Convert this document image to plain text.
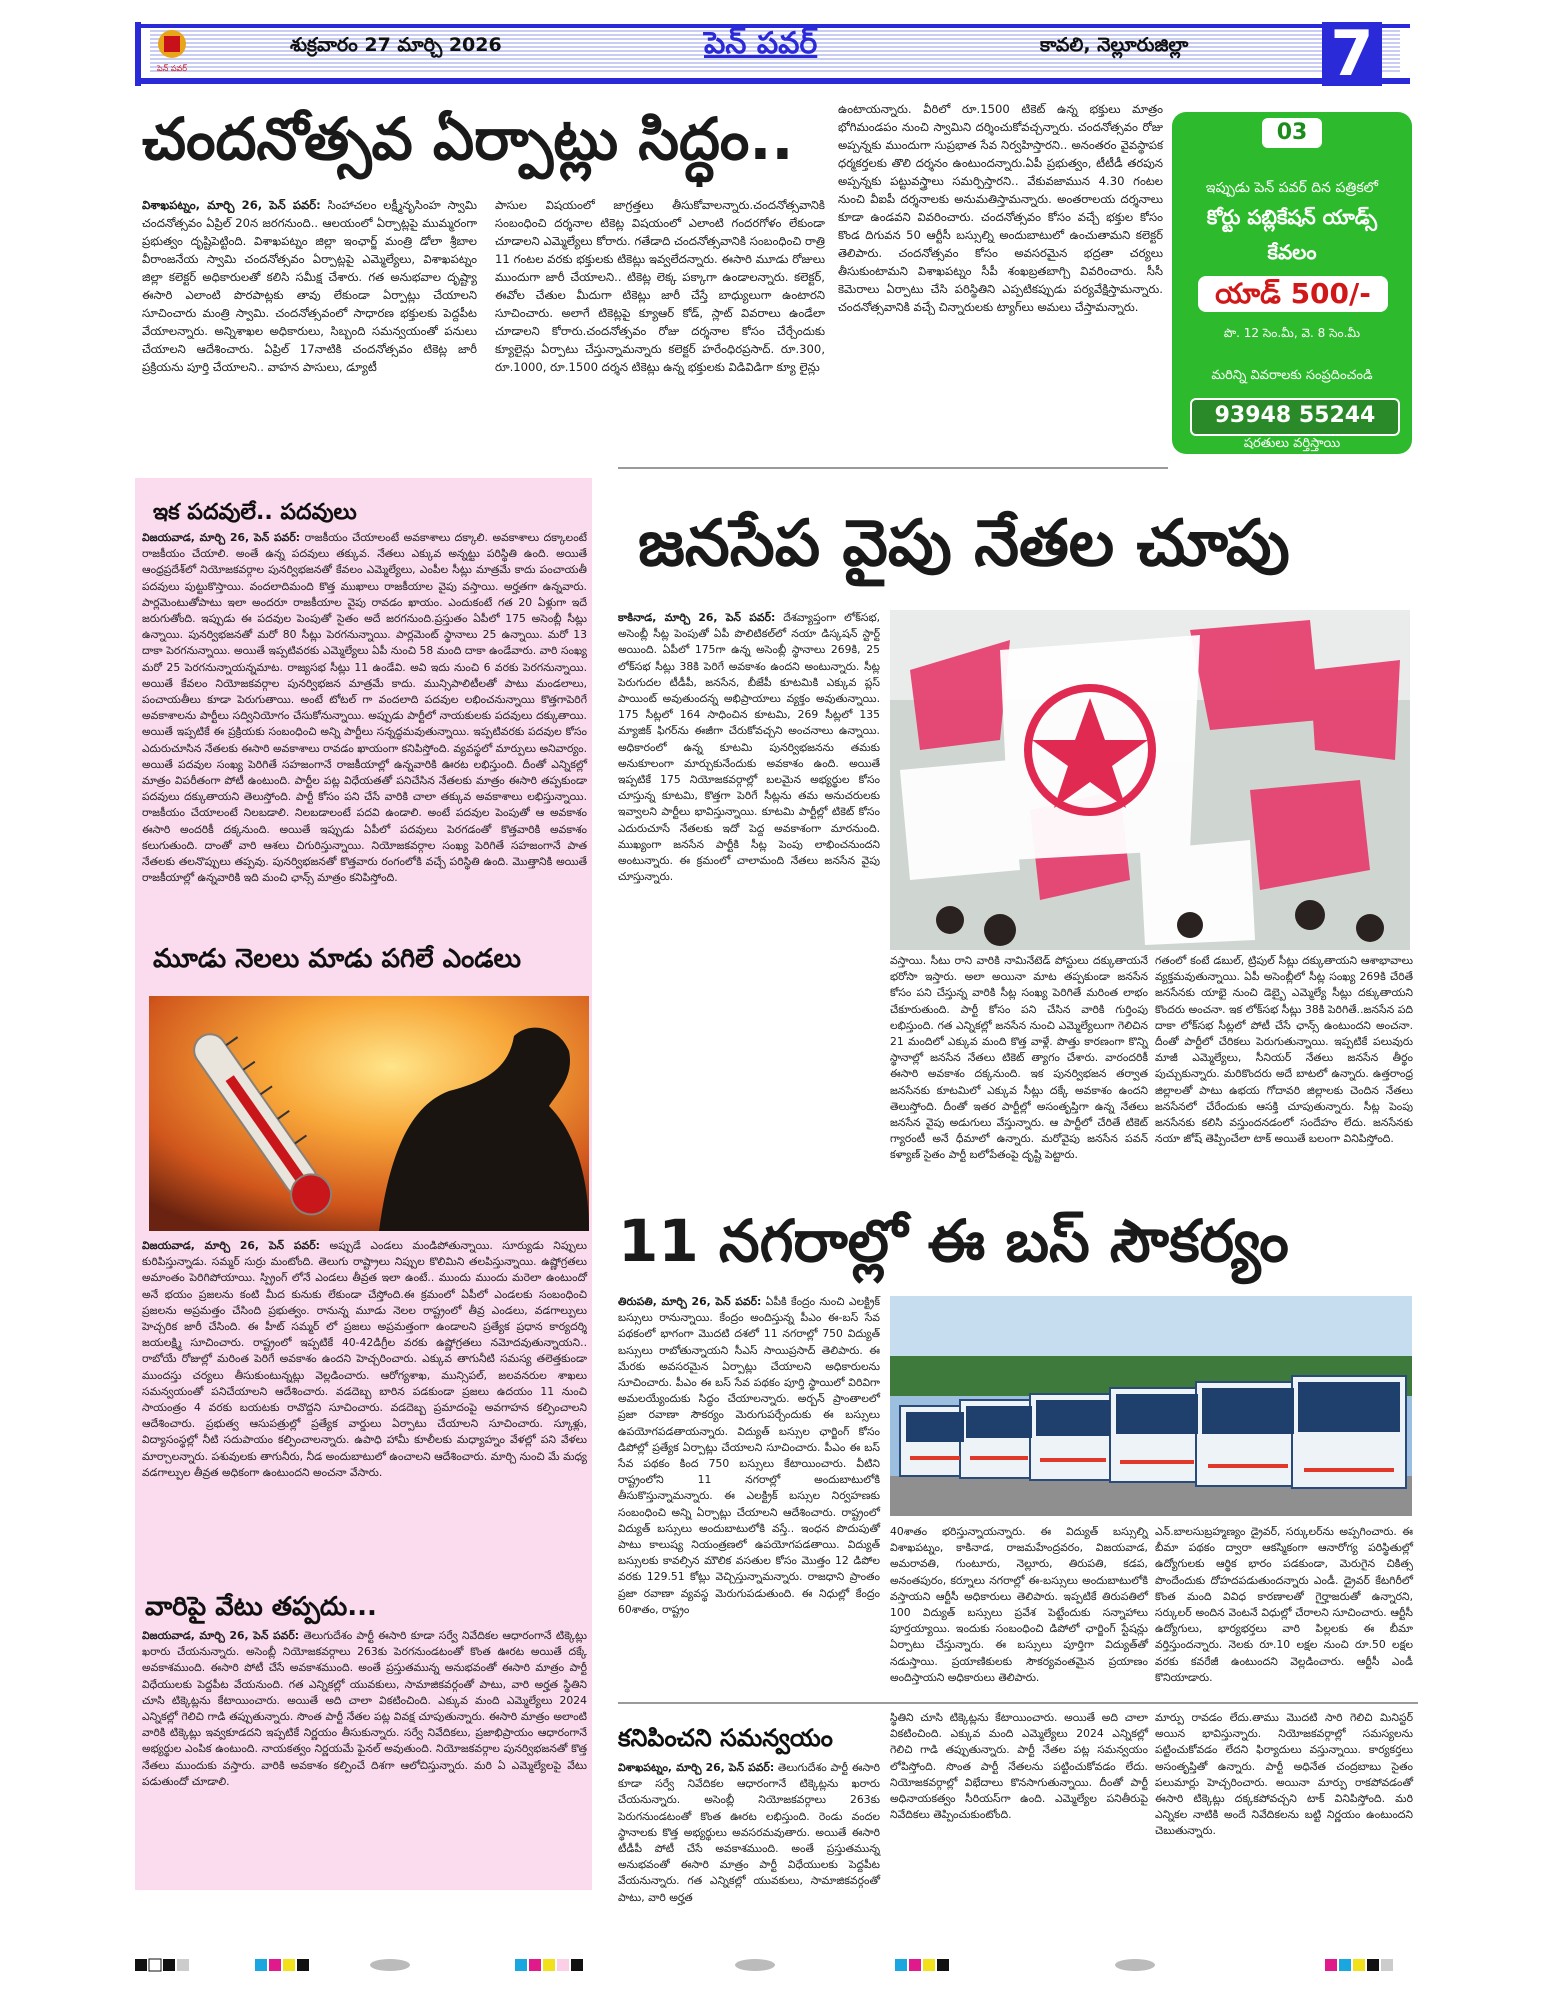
పెన్ పవర్
శుక్రవారం 27 మార్చి 2026	పెన్ పవర్	కావలి, నెల్లూరుజిల్లా 7
చందనోత్సవ ఏర్పాట్లు సిద్ధం..
విశాఖపట్నం, మార్చి 26, పెన్ పవర్: సింహాచలం లక్ష్మీనృసింహ స్వామి చందనోత్సవం ఏప్రిల్ 20న జరగనుంది.. ఆలయంలో ఏర్పాట్లపై ముమ్మరంగా ప్రభుత్వం దృష్టిపెట్టింది. విశాఖపట్నం జిల్లా ఇంఛార్జ్ మంత్రి డోలా శ్రీబాల వీరాంజనేయ స్వామి చందనోత్సవం ఏర్పాట్లపై ఎమ్మెల్యేలు, విశాఖపట్నం జిల్లా కలెక్టర్ అధికారులతో కలిసి సమీక్ష చేశారు. గత అనుభవాల దృష్ట్యా ఈసారి ఎలాంటి పొరపాట్లకు తావు లేకుండా ఏర్పాట్లు చేయాలని సూచించారు మంత్రి స్వామి. చందనోత్సవంలో సాధారణ భక్తులకు పెద్దపీట వేయాలన్నారు. అన్నిశాఖల అధికారులు, సిబ్బంది సమన్వయంతో పనులు చేయాలని ఆదేశించారు. ఏప్రిల్ 17నాటికి చందనోత్సవం టికెట్ల జారీ ప్రక్రియను పూర్తి చేయాలని.. వాహన పాసులు, డ్యూటీ
పాసుల విషయంలో జాగ్రత్తలు తీసుకోవాలన్నారు.చందనోత్సవానికి సంబంధించి దర్శనాల టికెట్ల విషయంలో ఎలాంటి గందరగోళం లేకుండా చూడాలని ఎమ్మెల్యేలు కోరారు. గతేడాది చందనోత్సవానికి సంబంధించి రాత్రి 11 గంటల వరకు భక్తులకు టికెట్లు ఇవ్వలేదన్నారు. ఈసారి మూడు రోజులు ముందుగా జారీ చేయాలని.. టికెట్ల లెక్క పక్కాగా ఉండాలన్నారు. కలెక్టర్, ఈవోల చేతుల మీదుగా టికెట్లు జారీ చేస్తే బాధ్యులుగా ఉంటారని సూచించారు. అలాగే టికెట్లపై క్యూఆర్ కోడ్, స్లాట్ వివరాలు ఉండేలా చూడాలని కోరారు.చందనోత్సవం రోజు దర్శనాల కోసం చేర్చేందుకు క్యూలైన్లు ఏర్పాటు చేస్తున్నామన్నారు కలెక్టర్ హరేంధిరప్రసాద్. రూ.300, రూ.1000, రూ.1500 దర్శన టికెట్లు ఉన్న భక్తులకు విడివిడిగా క్యూ లైన్లు
ఉంటాయన్నారు. వీరిలో రూ.1500 టికెట్ ఉన్న భక్తులు మాత్రం భోగిమండపం నుంచి స్వామిని దర్శించుకోవచ్చన్నారు. చందనోత్సవం రోజు అప్పన్నకు ముందుగా సుప్రభాత సేవ నిర్వహిస్తారని.. అనంతరం వైవస్థాపక ధర్మకర్తలకు తొలి దర్శనం ఉంటుందన్నారు.ఏపీ ప్రభుత్వం, టీటీడీ తరపున అప్పన్నకు పట్టువస్త్రాలు సమర్పిస్తారని.. వేకువజామున 4.30 గంటల నుంచి వీఐపీ దర్శనాలకు అనుమతిస్తామన్నారు. అంతరాలయ దర్శనాలు కూడా ఉండవని వివరించారు. చందనోత్సవం కోసం వచ్చే భక్తుల కోసం కొండ దిగువన 50 ఆర్టీసీ బస్సుల్ని అందుబాటులో ఉంచుతామని కలెక్టర్ తెలిపారు. చందనోత్సవం కోసం అవసరమైన భద్రతా చర్యలు తీసుకుంటామని విశాఖపట్నం సీపీ శంఖబ్రతబాగ్చి వివరించారు. సీసీ కెమెరాలు ఏర్పాటు చేసి పరిస్థితిని ఎప్పటికప్పుడు పర్యవేక్షిస్తామన్నారు. చందనోత్సవానికి వచ్చే చిన్నారులకు ట్యాగ్‌లు అమలు చేస్తామన్నారు.
03
ఇప్పుడు పెన్ పవర్ దిన పత్రికలో
కోర్టు పబ్లికేషన్ యాడ్స్
కేవలం
యాడ్ 500/-
పొ. 12 సెం.మీ, వె. 8 సెం.మీ
మరిన్ని వివరాలకు సంప్రదించండి
93948 55244
షరతులు వర్తిస్తాయి
ఇక పదవులే.. పదవులు
విజయవాడ, మార్చి 26, పెన్ పవర్: రాజకీయం చేయాలంటే అవకాశాలు దక్కాలి. అవకాశాలు దక్కాలంటే రాజకీయం చేయాలి. అంతే ఉన్న పదవులు తక్కువ. నేతలు ఎక్కువ అన్నట్టు పరిస్థితి ఉంది. అయితే ఆంధ్రప్రదేశ్‌లో నియోజకవర్గాల పునర్విభజనతో కేవలం ఎమ్మెల్యేలు, ఎంపీల సీట్లు మాత్రమే కాదు పంచాయతీ పదవులు పుట్టుకొస్తాయి. వందలాదిమంది కొత్త ముఖాలు రాజకీయాల వైపు వస్తాయి. అర్హతగా ఉన్నవారు. పార్లమెంటుతోపాటు ఇలా అందరూ రాజకీయాల వైపు రావడం ఖాయం. ఎందుకంటే గత 20 ఏళ్లుగా ఇదే జరుగుతోంది. ఇప్పుడు ఈ పదవుల పెంపుతో సైతం అదే జరగనుంది.ప్రస్తుతం ఏపీలో 175 అసెంబ్లీ సీట్లు ఉన్నాయి. పునర్విభజనతో మరో 80 సీట్లు పెరగనున్నాయి. పార్లమెంట్ స్థానాలు 25 ఉన్నాయి. మరో 13 దాకా పెరగనున్నాయి. అయితే ఇప్పటివరకు ఎమ్మెల్యేలు ఏపీ నుంచి 58 మంది దాకా ఉండేవారు. వారి సంఖ్య మరో 25 పెరగనున్నాయన్నమాట. రాజ్యసభ సీట్లు 11 ఉండేవి. అవి ఇదు నుంచి 6 వరకు పెరగనున్నాయి. అయితే కేవలం నియోజకవర్గాల పునర్విభజన మాత్రమే కాదు. మున్సిపాలిటీలతో పాటు మండలాలు, పంచాయతీలు కూడా పెరుగుతాయి. అంటే టోటల్ గా వందలాది పదవుల లభించనున్నాయి కొత్తగాపెరిగే అవకాశాలను పార్టీలు సద్వినియోగం చేసుకోనున్నాయి. అప్పుడు పార్టీలో నాయకులకు పదవులు దక్కుతాయి. అయితే ఇప్పటికే ఈ ప్రక్రియకు సంబంధించి అన్ని పార్టీలు సన్నద్ధమవుతున్నాయి. ఇప్పటివరకు పదవుల కోసం ఎదురుచూసిన నేతలకు ఈసారి అవకాశాలు రావడం ఖాయంగా కనిపిస్తోంది. వ్యవస్థలో మార్పులు అనివార్యం. అయితే పదవుల సంఖ్య పెరిగితే సహజంగానే రాజకీయాల్లో ఉన్నవారికి ఊరట లభిస్తుంది. దీంతో ఎన్నికల్లో మాత్రం విపరీతంగా పోటీ ఉంటుంది. పార్టీల పట్ల విధేయతతో పనిచేసిన నేతలకు మాత్రం ఈసారి తప్పకుండా పదవులు దక్కుతాయని తెలుస్తోంది. పార్టీ కోసం పని చేసే వారికి చాలా తక్కువ అవకాశాలు లభిస్తున్నాయి. రాజకీయం చేయాలంటే నిలబడాలి. నిలబడాలంటే పదవి ఉండాలి. అంటే పదవుల పెంపుతో ఆ అవకాశం ఈసారి అందరికీ దక్కనుంది. అయితే ఇప్పుడు ఏపీలో పదవులు పెరగడంతో కొత్తవారికి అవకాశం కలుగుతుంది. దాంతో వారి ఆశలు చిగురిస్తున్నాయి. నియోజకవర్గాల సంఖ్య పెరిగితే సహజంగానే పాత నేతలకు తలనొప్పులు తప్పవు. పునర్విభజనతో కొత్తవారు రంగంలోకి వచ్చే పరిస్థితి ఉంది. మొత్తానికి అయితే రాజకీయాల్లో ఉన్నవారికి ఇది మంచి ఛాన్స్ మాత్రం కనిపిస్తోంది.
మూడు నెలలు మాడు పగిలే ఎండలు
విజయవాడ, మార్చి 26, పెన్ పవర్: అప్పుడే ఎండలు మండిపోతున్నాయి. సూర్యుడు నిప్పులు కురిపిస్తున్నాడు. సమ్మర్ సుర్రు మంటోంది. తెలుగు రాష్ట్రాలు నిప్పుల కొలిమిని తలపిస్తున్నాయి. ఉష్ణోగ్రతలు అమాంతం పెరిగిపోయాయి. స్ప్రింగ్ లోనే ఎండలు తీవ్రత ఇలా ఉంటే.. ముందు ముందు మరెలా ఉంటుందో అనే భయం ప్రజలను కంటి మీద కునుకు లేకుండా చేస్తోంది.ఈ క్రమంలో ఏపీలో ఎండలకు సంబంధించి ప్రజలను అప్రమత్తం చేసింది ప్రభుత్వం. రానున్న మూడు నెలల రాష్ట్రంలో తీవ్ర ఎండలు, వడగాల్పులు హెచ్చరిక జారీ చేసింది. ఈ హీట్ సమ్మర్ లో ప్రజలు అప్రమత్తంగా ఉండాలని ప్రత్యేక ప్రధాన కార్యదర్శి జయలక్ష్మి సూచించారు. రాష్ట్రంలో ఇప్పటికే 40-42డిగ్రీల వరకు ఉష్ణోగ్రతలు నమోదవుతున్నాయని.. రాబోయే రోజుల్లో మరింత పెరిగే అవకాశం ఉందని హెచ్చరించారు. ఎక్కువ తాగునీటి సమస్య తలెత్తకుండా ముందస్తు చర్యలు తీసుకుంటున్నట్లు వెల్లడించారు. ఆరోగ్యశాఖ, మున్సిపల్, జలవనరుల శాఖలు సమన్వయంతో పనిచేయాలని ఆదేశించారు. వడదెబ్బ బారిన పడకుండా ప్రజలు ఉదయం 11 నుంచి సాయంత్రం 4 వరకు బయటకు రావొద్దని సూచించారు. వడదెబ్బ ప్రమాదంపై అవగాహన కల్పించాలని ఆదేశించారు. ప్రభుత్వ ఆసుపత్రుల్లో ప్రత్యేక వార్డులు ఏర్పాటు చేయాలని సూచించారు. స్కూళ్లు, విద్యాసంస్థల్లో నీటి సదుపాయం కల్పించాలన్నారు. ఉపాధి హామీ కూలీలకు మధ్యాహ్నం వేళల్లో పని వేళలు మార్చాలన్నారు. పశువులకు తాగునీరు, నీడ అందుబాటులో ఉంచాలని ఆదేశించారు. మార్చి నుంచి మే మధ్య వడగాల్పుల తీవ్రత అధికంగా ఉంటుందని అంచనా వేసారు.
వారిపై వేటు తప్పదు...
విజయవాడ, మార్చి 26, పెన్ పవర్: తెలుగుదేశం పార్టీ ఈసారి కూడా సర్వే నివేదికల ఆధారంగానే టిక్కెట్లు ఖరారు చేయనున్నారు. అసెంబ్లీ నియోజకవర్గాలు 263కు పెరగనుండటంతో కొంత ఊరట అయితే దక్కే అవకాశముంది. ఈసారి పోటీ చేసే అవకాశముంది. అంతే ప్రస్తుతమున్న అనుభవంతో ఈసారి మాత్రం పార్టీ విధేయులకు పెద్దపీట వేయనుంది. గత ఎన్నికల్లో యువకులు, సామాజికవర్గంతో పాటు, వారి అర్హత స్థితిని చూసి టిక్కెట్లను కేటాయించారు. అయితే అది చాలా వికటించింది. ఎక్కువ మంది ఎమ్మెల్యేలు 2024 ఎన్నికల్లో గెలిచి గాడి తప్పుతున్నారు. సొంత పార్టీ నేతల పట్ల వివక్ష చూపుతున్నారు. ఈసారి మాత్రం అలాంటి వారికి టిక్కెట్లు ఇవ్వకూడదని ఇప్పటికే నిర్ణయం తీసుకున్నారు. సర్వే నివేదికలు, ప్రజాభిప్రాయం ఆధారంగానే అభ్యర్థుల ఎంపిక ఉంటుంది. నాయకత్వం నిర్ణయమే ఫైనల్ అవుతుంది. నియోజకవర్గాల పునర్విభజనతో కొత్త నేతలు ముందుకు వస్తారు. వారికి అవకాశం కల్పించే దిశగా ఆలోచిస్తున్నారు. మరి ఏ ఎమ్మెల్యేలపై వేటు పడుతుందో చూడాలి.
జనసేప వైపు నేతల చూపు
కాకినాడ, మార్చి 26, పెన్ పవర్: దేశవ్యాప్తంగా లోక్‌సభ, అసెంబ్లీ సీట్ల పెంపుతో ఏపీ పొలిటికల్‌లో నయా డిస్కషన్ స్టార్ట్ అయింది. ఏపీలో 175గా ఉన్న అసెంబ్లీ స్థానాలు 269కి, 25 లోక్‌సభ సీట్లు 38కి పెరిగే అవకాశం ఉందని అంటున్నారు. సీట్ల పెరుగుదల టీడీపీ, జనసేన, బీజేపీ కూటమికి ఎక్కువ ప్లస్ పాయింట్ అవుతుందన్న అభిప్రాయాలు వ్యక్తం అవుతున్నాయి. 175 సీట్లలో 164 సాధించిన కూటమి, 269 సీట్లలో 135 మ్యాజిక్ ఫిగర్‌ను ఈజీగా చేరుకోవచ్చని అంచనాలు ఉన్నాయి. అధికారంలో ఉన్న కూటమి పునర్విభజనను తమకు అనుకూలంగా మార్చుకునేందుకు అవకాశం ఉంది. అయితే ఇప్పటికే 175 నియోజకవర్గాల్లో బలమైన అభ్యర్థుల కోసం చూస్తున్న కూటమి, కొత్తగా పెరిగే సీట్లను తమ అనుచరులకు ఇవ్వాలని పార్టీలు భావిస్తున్నాయి. కూటమి పార్టీల్లో టికెట్ కోసం ఎదురుచూసే నేతలకు ఇదో పెద్ద అవకాశంగా మారనుంది. ముఖ్యంగా జనసేన పార్టీకి సీట్ల పెంపు లాభించనుందని అంటున్నారు. ఈ క్రమంలో చాలామంది నేతలు జనసేన వైపు చూస్తున్నారు.
వస్తాయి. సీటు రాని వారికి నామినేటెడ్ పోస్టులు దక్కుతాయనే భరోసా ఇస్తారు. అలా అయినా మాట తప్పకుండా జనసేన కోసం పని చేస్తున్న వారికి సీట్ల సంఖ్య పెరిగితే మరింత లాభం చేకూరుతుంది. పార్టీ కోసం పని చేసిన వారికి గుర్తింపు లభిస్తుంది. గత ఎన్నికల్లో జనసేన నుంచి ఎమ్మెల్యేలుగా గెలిచిన 21 మందిలో ఎక్కువ మంది కొత్త వాళ్లే. పొత్తు కారణంగా కొన్ని స్థానాల్లో జనసేన నేతలు టికెట్ త్యాగం చేశారు. వారందరికీ ఈసారి అవకాశం దక్కనుంది. ఇక పునర్విభజన తర్వాత జనసేనకు కూటమిలో ఎక్కువ సీట్లు దక్కే అవకాశం ఉందని తెలుస్తోంది. దీంతో ఇతర పార్టీల్లో అసంతృప్తిగా ఉన్న నేతలు జనసేన వైపు అడుగులు వేస్తున్నారు. ఆ పార్టీలో చేరితే టికెట్ గ్యారంటీ అనే ధీమాలో ఉన్నారు. మరోవైపు జనసేన పవన్ కళ్యాణ్ సైతం పార్టీ బలోపేతంపై దృష్టి పెట్టారు.
గతంలో కంటే డబుల్, ట్రిపుల్ సీట్లు దక్కుతాయని ఆశాభావాలు వ్యక్తమవుతున్నాయి. ఏపీ అసెంబ్లీలో సీట్ల సంఖ్య 269కి చేరితే జనసేనకు యాభై నుంచి డెబ్బై ఎమ్మెల్యే సీట్లు దక్కుతాయని కొందరు అంచనా. ఇక లోక్‌సభ సీట్లు 38కి పెరిగితే..జనసేన పది దాకా లోక్‌సభ సీట్లలో పోటీ చేసే ఛాన్స్ ఉంటుందని అంచనా. దీంతో పార్టీలో చేరికలు పెరుగుతున్నాయి. ఇప్పటికే పలువురు మాజీ ఎమ్మెల్యేలు, సీనియర్ నేతలు జనసేన తీర్థం పుచ్చుకున్నారు. మరికొందరు అదే బాటలో ఉన్నారు. ఉత్తరాంధ్ర జిల్లాలతో పాటు ఉభయ గోదావరి జిల్లాలకు చెందిన నేతలు జనసేనలో చేరేందుకు ఆసక్తి చూపుతున్నారు. సీట్ల పెంపు జనసేనకు కలిసి వస్తుందనడంలో సందేహం లేదు. జనసేనకు నయా జోష్ తెప్పించేలా టాక్ అయితే బలంగా వినిపిస్తోంది.
11 నగరాల్లో ఈ బస్ సౌకర్యం
తిరుపతి, మార్చి 26, పెన్ పవర్: ఏపీకి కేంద్రం నుంచి ఎలక్ట్రిక్ బస్సులు రానున్నాయి. కేంద్రం అందిస్తున్న పీఎం ఈ-బస్ సేవ పథకంలో భాగంగా మొదటి దశలో 11 నగరాల్లో 750 విద్యుత్ బస్సులు రాబోతున్నాయని సీఎస్ సాయిప్రసాద్ తెలిపారు. ఈ మేరకు అవసరమైన ఏర్పాట్లు చేయాలని అధికారులను సూచించారు. పీఎం ఈ బస్ సేవ పథకం పూర్తి స్థాయిలో విరివిగా అమలయ్యేందుకు సిద్ధం చేయాలన్నారు. అర్బన్ ప్రాంతాలలో ప్రజా రవాణా సౌకర్యం మెరుగుపర్చేందుకు ఈ బస్సులు ఉపయోగపడతాయన్నారు. విద్యుత్ బస్సుల ఛార్జింగ్ కోసం డిపోల్లో ప్రత్యేక ఏర్పాట్లు చేయాలని సూచించారు. పీఎం ఈ బస్ సేవ పథకం కింద 750 బస్సులు కేటాయించారు. వీటిని రాష్ట్రంలోని 11 నగరాల్లో అందుబాటులోకి తీసుకొస్తున్నామన్నారు. ఈ ఎలక్ట్రిక్ బస్సుల నిర్వహణకు సంబంధించి అన్ని ఏర్పాట్లు చేయాలని ఆదేశించారు. రాష్ట్రంలో విద్యుత్ బస్సులు అందుబాటులోకి వస్తే.. ఇంధన పొదుపుతో పాటు కాలుష్య నియంత్రణలో ఉపయోగపడతాయి. విద్యుత్ బస్సులకు కావల్సిన మౌలిక వసతుల కోసం మొత్తం 12 డిపోల వరకు 129.51 కోట్లు వెచ్చిస్తున్నామన్నారు. రాజధాని ప్రాంతం ప్రజా రవాణా వ్యవస్థ మెరుగుపడుతుంది. ఈ నిధుల్లో కేంద్రం 60శాతం, రాష్ట్రం
40శాతం భరిస్తున్నాయన్నారు. ఈ విద్యుత్ బస్సుల్ని విశాఖపట్నం, కాకినాడ, రాజమహేంద్రవరం, విజయవాడ, అమరావతి, గుంటూరు, నెల్లూరు, తిరుపతి, కడప, అనంతపురం, కర్నూలు నగరాల్లో ఈ-బస్సులు అందుబాటులోకి వస్తాయని ఆర్టీసీ అధికారులు తెలిపారు. ఇప్పటికే తిరుపతిలో 100 విద్యుత్ బస్సులు ప్రవేశ పెట్టేందుకు సన్నాహాలు పూర్తయ్యాయి. ఇందుకు సంబంధించి డిపోలో ఛార్జింగ్ స్టేషన్లు ఏర్పాటు చేస్తున్నారు. ఈ బస్సులు పూర్తిగా విద్యుత్‌తో నడుస్తాయి. ప్రయాణికులకు సౌకర్యవంతమైన ప్రయాణం అందిస్తాయని అధికారులు తెలిపారు.
ఎన్.బాలసుబ్రహ్మణ్యం డ్రైవర్, సర్కులర్‌ను అప్పగించారు. ఈ బీమా పథకం ద్వారా ఆకస్మికంగా ఆనారోగ్య పరిస్థితుల్లో ఉద్యోగులకు ఆర్థిక భారం పడకుండా, మెరుగైన చికిత్స పొందేందుకు దోహదపడుతుందన్నారు ఎండీ. డ్రైవర్ కేటగిరీలో కొంత మంది వివిధ కారణాలతో గైర్హాజరుతో ఉన్నారని, సర్కులర్ అందిన వెంటనే విధుల్లో చేరాలని సూచించారు. ఆర్టీసీ ఉద్యోగులు, భార్యభర్తలు వారి పిల్లలకు ఈ బీమా వర్తిస్తుందన్నారు. నెలకు రూ.10 లక్షల నుంచి రూ.50 లక్షల వరకు కవరేజీ ఉంటుందని వెల్లడించారు. ఆర్టీసీ ఎండీ కొనియాడారు.
కనిపించని సమన్వయం
విశాఖపట్నం, మార్చి 26, పెన్ పవర్: తెలుగుదేశం పార్టీ ఈసారి కూడా సర్వే నివేదికల ఆధారంగానే టిక్కెట్లను ఖరారు చేయనున్నారు. అసెంబ్లీ నియోజకవర్గాలు 263కు పెరుగనుండటంతో కొంత ఊరట లభిస్తుంది. రెండు వందల స్థానాలకు కొత్త అభ్యర్థులు అవసరమవుతారు. అయితే ఈసారి టీడీపీ పోటీ చేసే అవకాశముంది. అంతే ప్రస్తుతమున్న అనుభవంతో ఈసారి మాత్రం పార్టీ విధేయులకు పెద్దపీట వేయనున్నారు. గత ఎన్నికల్లో యువకులు, సామాజికవర్గంతో పాటు, వారి అర్హత
స్థితిని చూసి టిక్కెట్లను కేటాయించారు. అయితే అది చాలా వికటించింది. ఎక్కువ మంది ఎమ్మెల్యేలు 2024 ఎన్నికల్లో గెలిచి గాడి తప్పుతున్నారు. పార్టీ నేతల పట్ల సమన్వయం లోపిస్తోంది. సొంత పార్టీ నేతలను పట్టించుకోవడం లేదు. నియోజకవర్గాల్లో విభేదాలు కొనసాగుతున్నాయి. దీంతో పార్టీ అధినాయకత్వం సీరియస్‌గా ఉంది. ఎమ్మెల్యేల పనితీరుపై నివేదికలు తెప్పించుకుంటోంది.
మార్పు రావడం లేదు.తాము మొదటి సారి గెలిచి మినిస్టర్ అయిన భావిస్తున్నారు. నియోజకవర్గాల్లో సమస్యలను పట్టించుకోవడం లేదని ఫిర్యాదులు వస్తున్నాయి. కార్యకర్తలు అసంతృప్తితో ఉన్నారు. పార్టీ అధినేత చంద్రబాబు సైతం పలుమార్లు హెచ్చరించారు. అయినా మార్పు రాకపోవడంతో ఈసారి టిక్కెట్లు దక్కకపోవచ్చని టాక్ వినిపిస్తోంది. మరి ఎన్నికల నాటికి అందే నివేదికలను బట్టి నిర్ణయం ఉంటుందని చెబుతున్నారు.
